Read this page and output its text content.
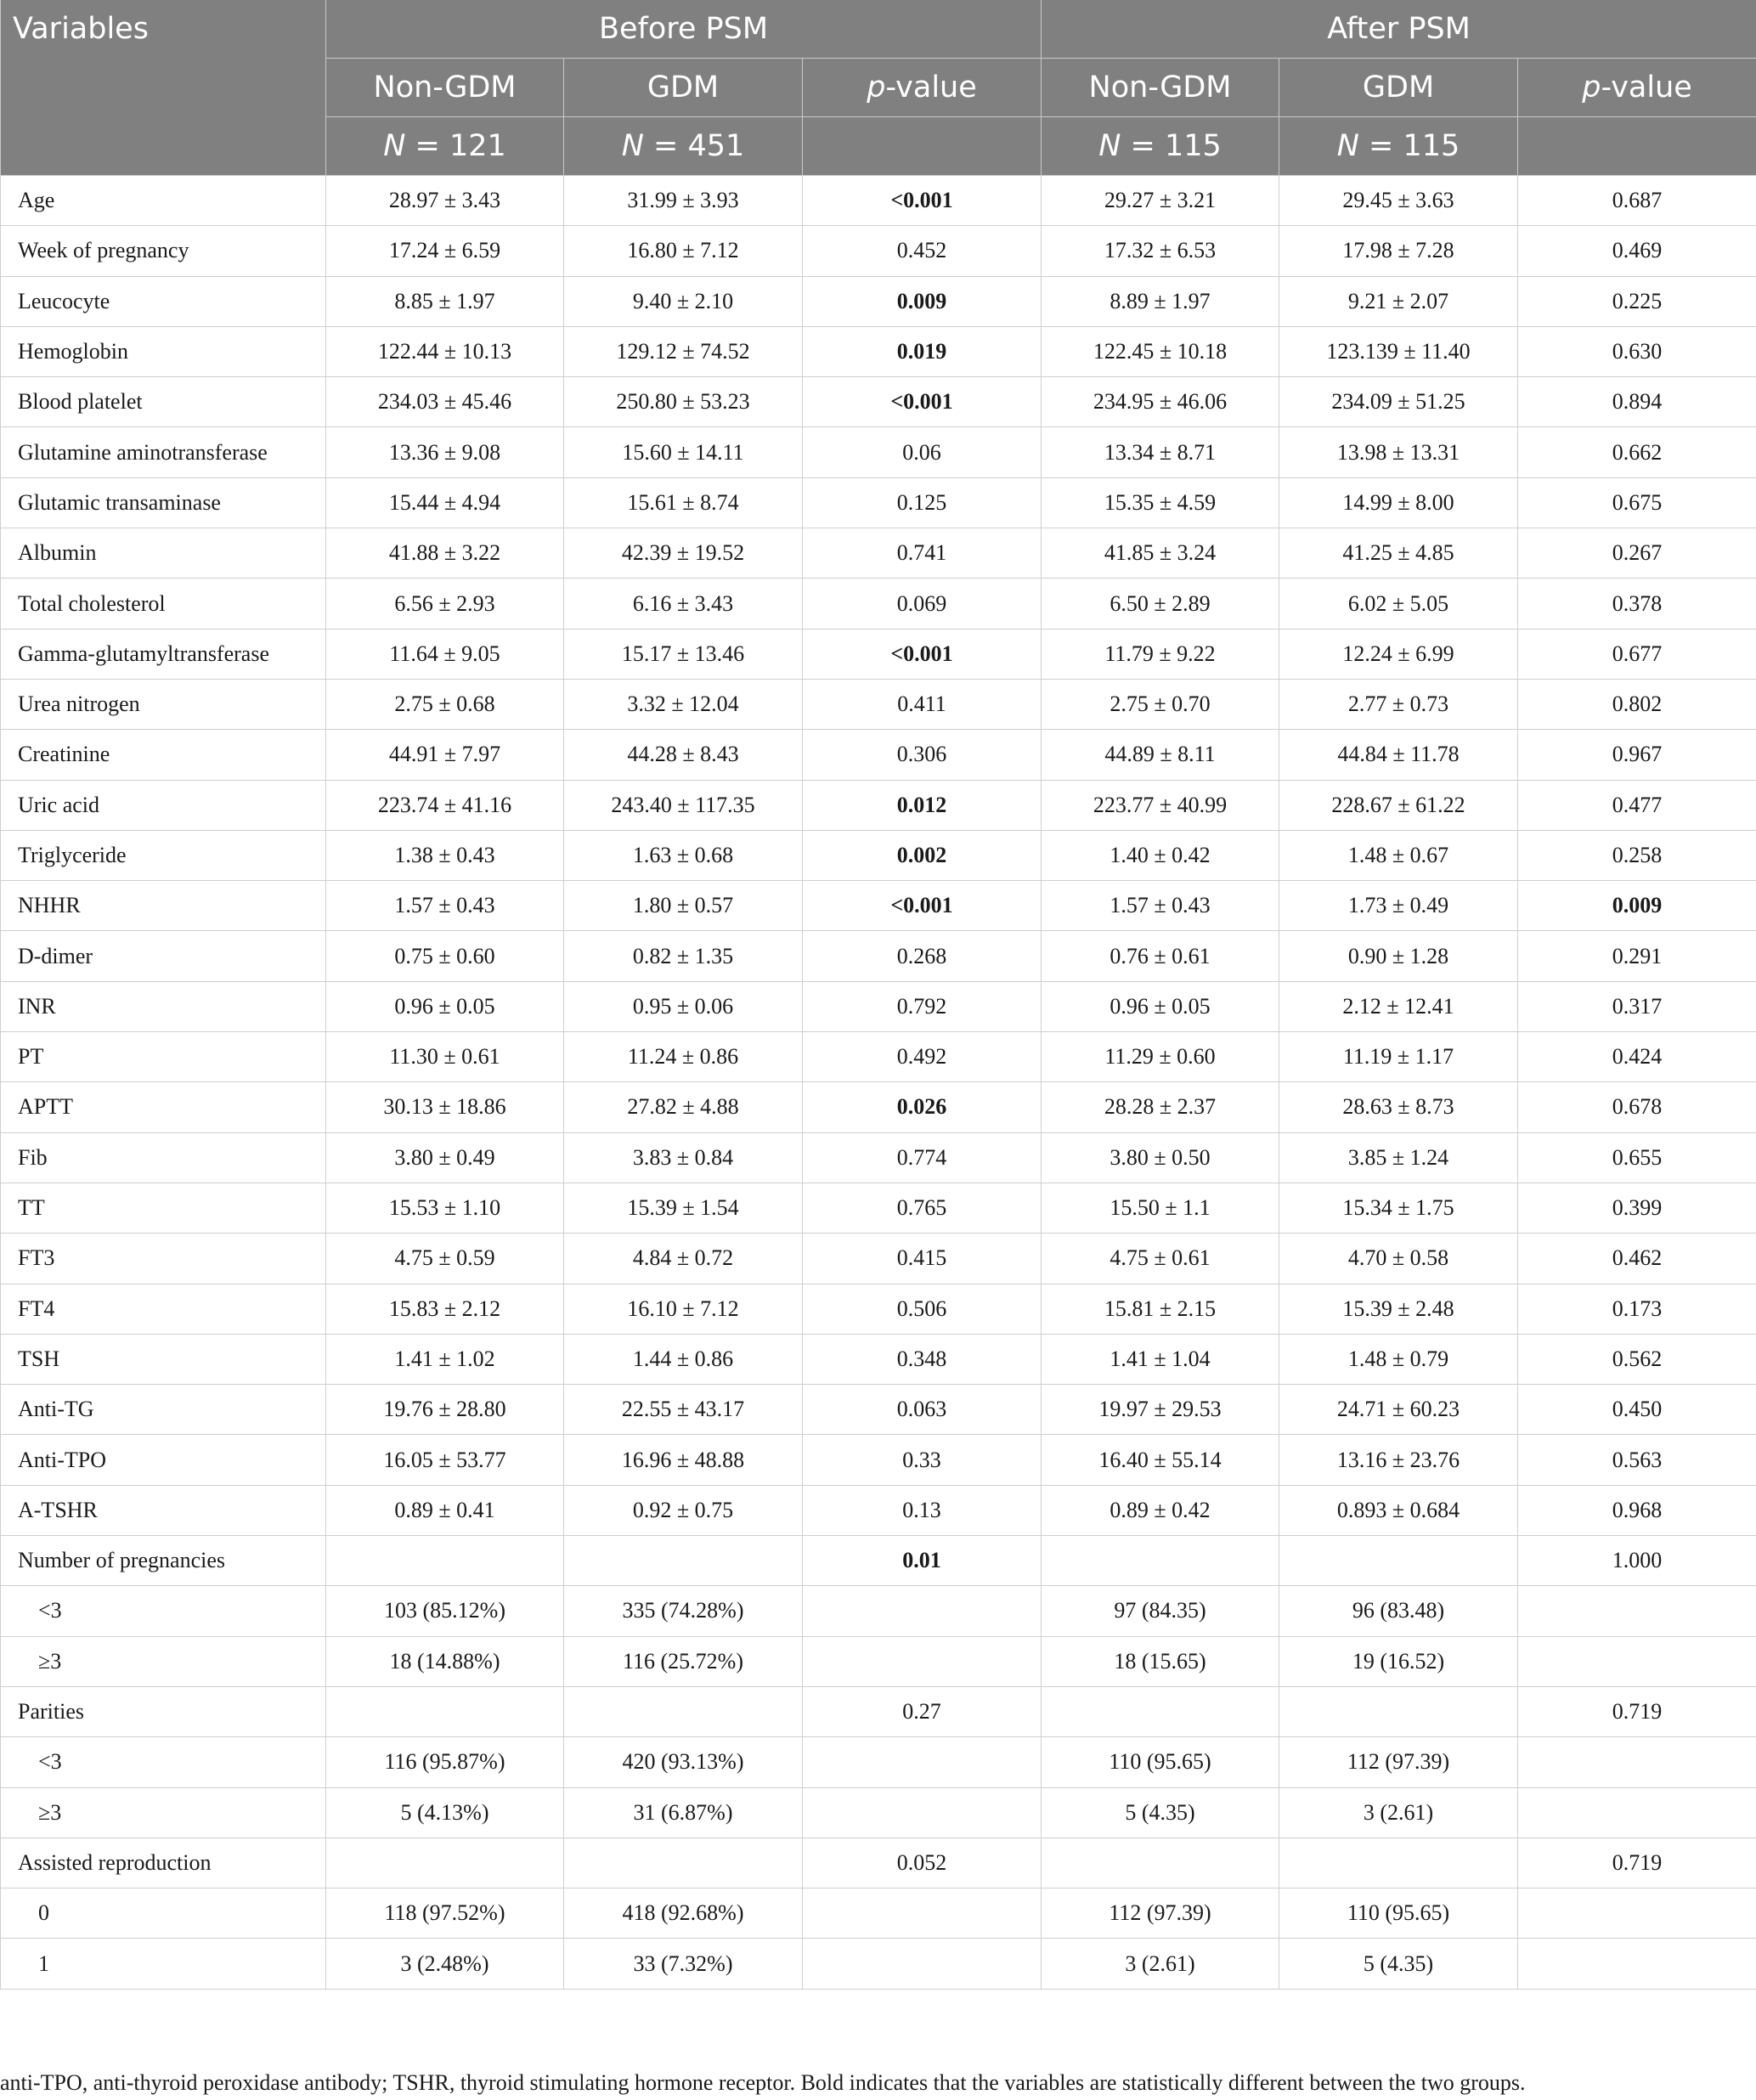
Variables	Before PSM			After PSM		
	Non-GDM	GDM	p-value	Non-GDM	GDM	p-value
	N = 121	N = 451		N = 115	N = 115	
Age	28.97 ± 3.43	31.99 ± 3.93	<0.001	29.27 ± 3.21	29.45 ± 3.63	0.687
Week of pregnancy	17.24 ± 6.59	16.80 ± 7.12	0.452	17.32 ± 6.53	17.98 ± 7.28	0.469
Leucocyte	8.85 ± 1.97	9.40 ± 2.10	0.009	8.89 ± 1.97	9.21 ± 2.07	0.225
Hemoglobin	122.44 ± 10.13	129.12 ± 74.52	0.019	122.45 ± 10.18	123.139 ± 11.40	0.630
Blood platelet	234.03 ± 45.46	250.80 ± 53.23	<0.001	234.95 ± 46.06	234.09 ± 51.25	0.894
Glutamine aminotransferase	13.36 ± 9.08	15.60 ± 14.11	0.06	13.34 ± 8.71	13.98 ± 13.31	0.662
Glutamic transaminase	15.44 ± 4.94	15.61 ± 8.74	0.125	15.35 ± 4.59	14.99 ± 8.00	0.675
Albumin	41.88 ± 3.22	42.39 ± 19.52	0.741	41.85 ± 3.24	41.25 ± 4.85	0.267
Total cholesterol	6.56 ± 2.93	6.16 ± 3.43	0.069	6.50 ± 2.89	6.02 ± 5.05	0.378
Gamma-glutamyltransferase	11.64 ± 9.05	15.17 ± 13.46	<0.001	11.79 ± 9.22	12.24 ± 6.99	0.677
Urea nitrogen	2.75 ± 0.68	3.32 ± 12.04	0.411	2.75 ± 0.70	2.77 ± 0.73	0.802
Creatinine	44.91 ± 7.97	44.28 ± 8.43	0.306	44.89 ± 8.11	44.84 ± 11.78	0.967
Uric acid	223.74 ± 41.16	243.40 ± 117.35	0.012	223.77 ± 40.99	228.67 ± 61.22	0.477
Triglyceride	1.38 ± 0.43	1.63 ± 0.68	0.002	1.40 ± 0.42	1.48 ± 0.67	0.258
NHHR	1.57 ± 0.43	1.80 ± 0.57	<0.001	1.57 ± 0.43	1.73 ± 0.49	0.009
D-dimer	0.75 ± 0.60	0.82 ± 1.35	0.268	0.76 ± 0.61	0.90 ± 1.28	0.291
INR	0.96 ± 0.05	0.95 ± 0.06	0.792	0.96 ± 0.05	2.12 ± 12.41	0.317
PT	11.30 ± 0.61	11.24 ± 0.86	0.492	11.29 ± 0.60	11.19 ± 1.17	0.424
APTT	30.13 ± 18.86	27.82 ± 4.88	0.026	28.28 ± 2.37	28.63 ± 8.73	0.678
Fib	3.80 ± 0.49	3.83 ± 0.84	0.774	3.80 ± 0.50	3.85 ± 1.24	0.655
TT	15.53 ± 1.10	15.39 ± 1.54	0.765	15.50 ± 1.1	15.34 ± 1.75	0.399
FT3	4.75 ± 0.59	4.84 ± 0.72	0.415	4.75 ± 0.61	4.70 ± 0.58	0.462
FT4	15.83 ± 2.12	16.10 ± 7.12	0.506	15.81 ± 2.15	15.39 ± 2.48	0.173
TSH	1.41 ± 1.02	1.44 ± 0.86	0.348	1.41 ± 1.04	1.48 ± 0.79	0.562
Anti-TG	19.76 ± 28.80	22.55 ± 43.17	0.063	19.97 ± 29.53	24.71 ± 60.23	0.450
Anti-TPO	16.05 ± 53.77	16.96 ± 48.88	0.33	16.40 ± 55.14	13.16 ± 23.76	0.563
A-TSHR	0.89 ± 0.41	0.92 ± 0.75	0.13	0.89 ± 0.42	0.893 ± 0.684	0.968
Number of pregnancies			0.01			1.000
<3	103 (85.12%)	335 (74.28%)		97 (84.35)	96 (83.48)	
≥3	18 (14.88%)	116 (25.72%)		18 (15.65)	19 (16.52)	
Parities			0.27			0.719
<3	116 (95.87%)	420 (93.13%)		110 (95.65)	112 (97.39)	
≥3	5 (4.13%)	31 (6.87%)		5 (4.35)	3 (2.61)	
Assisted reproduction			0.052			0.719
0	118 (97.52%)	418 (92.68%)		112 (97.39)	110 (95.65)	
1	3 (2.48%)	33 (7.32%)		3 (2.61)	5 (4.35)	
anti-TPO, anti-thyroid peroxidase antibody; TSHR, thyroid stimulating hormone receptor. Bold indicates that the variables are statistically different between the two groups.
